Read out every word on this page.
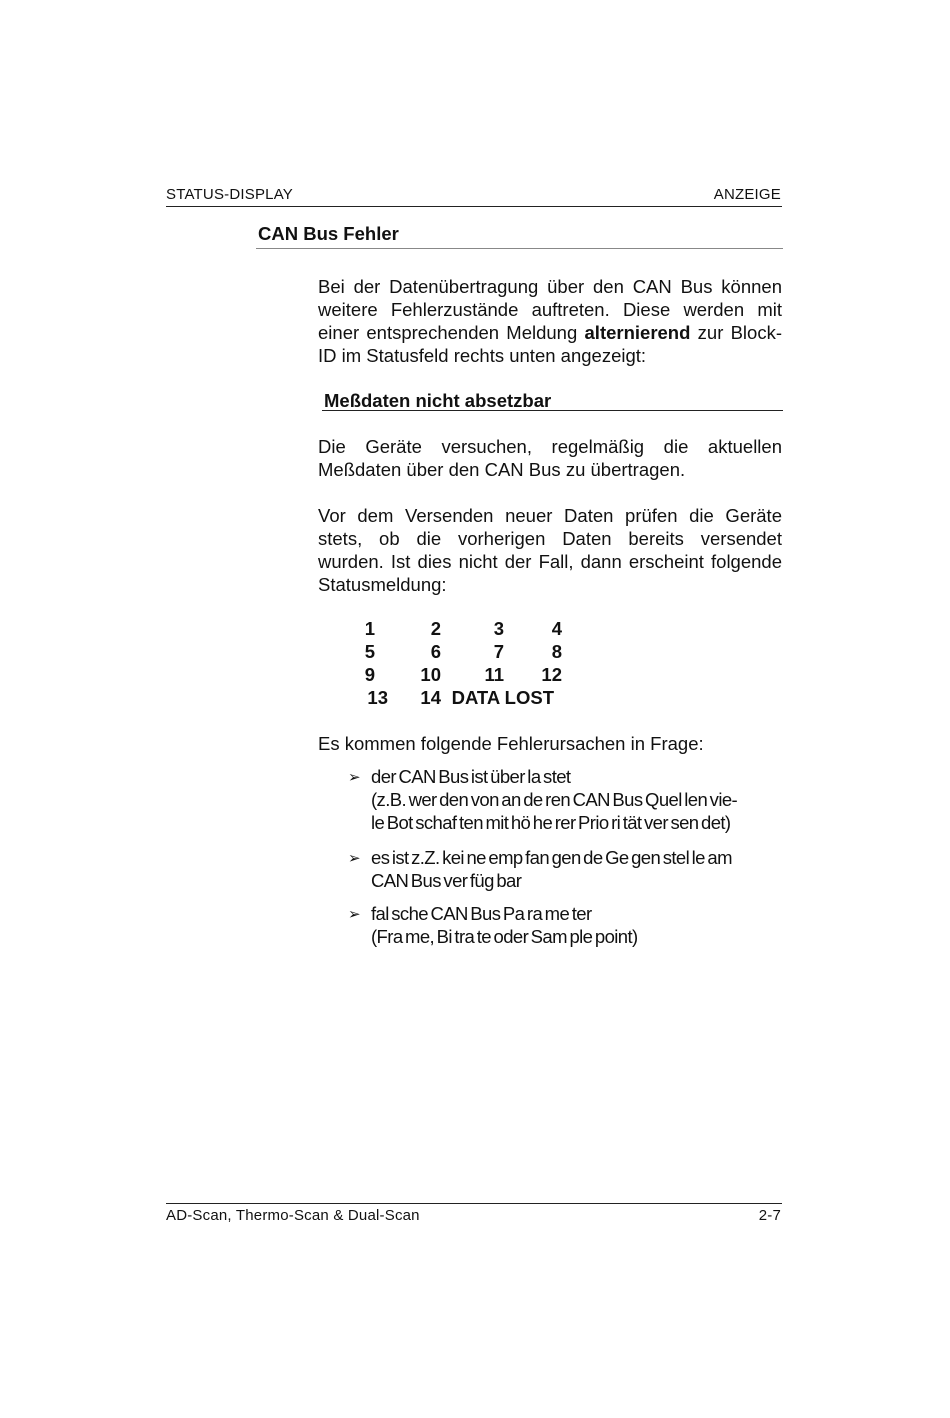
STATUS-DISPLAY	ANZEIGE
CAN Bus Fehler
Bei der Datenübertragung über den CAN Bus können weitere Fehlerzustände auftreten. Diese werden mit einer entsprechenden Meldung alternierend zur Block-ID im Statusfeld rechts unten angezeigt:
Meßdaten nicht absetzbar
Die Geräte versuchen, regelmäßig die aktuellen Meßdaten über den CAN Bus zu übertragen.
Vor dem Versenden neuer Daten prüfen die Geräte stets, ob die vorherigen Daten bereits versendet wurden. Ist dies nicht der Fall, dann erscheint folgende Statusmeldung:
1	2	3	4
5	6	7	8
9 10 11 12
13 14 DATA LOST
Es kommen folgende Fehlerursachen in Frage:
➢ der CAN Bus ist über la stet
(z.B. wer den von an de ren CAN Bus Quel len vie-
le Bot schaf ten mit hö he rer Prio ri tät ver sen det)
➢ es ist z.Z. kei ne emp fan gen de Ge gen stel le am
CAN Bus ver füg bar
➢ fal sche CAN Bus Pa ra me ter
(Fra me, Bi tra te oder Sam ple point)
AD-Scan, Thermo-Scan & Dual-Scan	2-7
